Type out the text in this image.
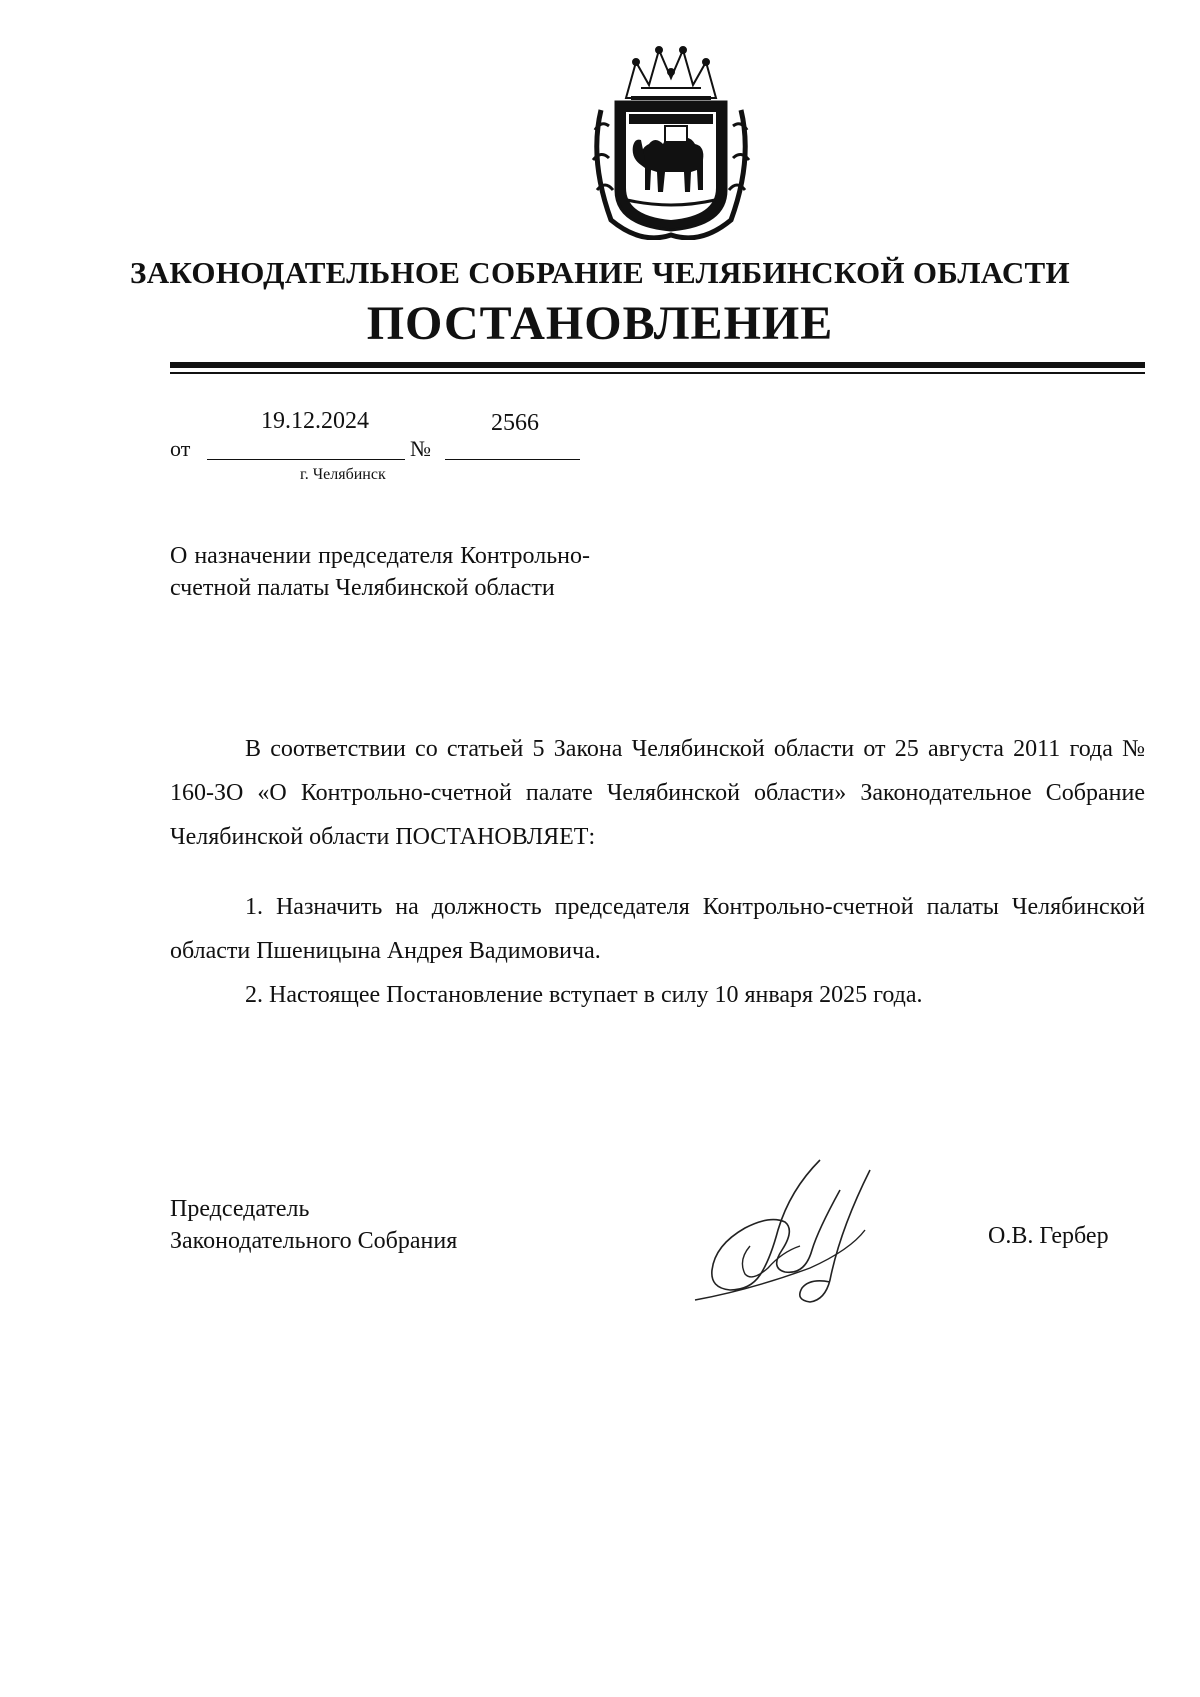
ЗАКОНОДАТЕЛЬНОЕ СОБРАНИЕ ЧЕЛЯБИНСКОЙ ОБЛАСТИ
ПОСТАНОВЛЕНИЕ
19.12.2024	2566
от	№
г. Челябинск
О назначении председателя Контрольно-счетной палаты Челябинской области

В соответствии со статьей 5 Закона Челябинской области от 25 августа 2011 года № 160-ЗО «О Контрольно-счетной палате Челябинской области» Законодательное Собрание Челябинской области ПОСТАНОВЛЯЕТ:

1. Назначить на должность председателя Контрольно-счетной палаты Челябинской области Пшеницына Андрея Вадимовича.

2. Настоящее Постановление вступает в силу 10 января 2025 года.

Председатель
Законодательного Собрания	О.В. Гербер
